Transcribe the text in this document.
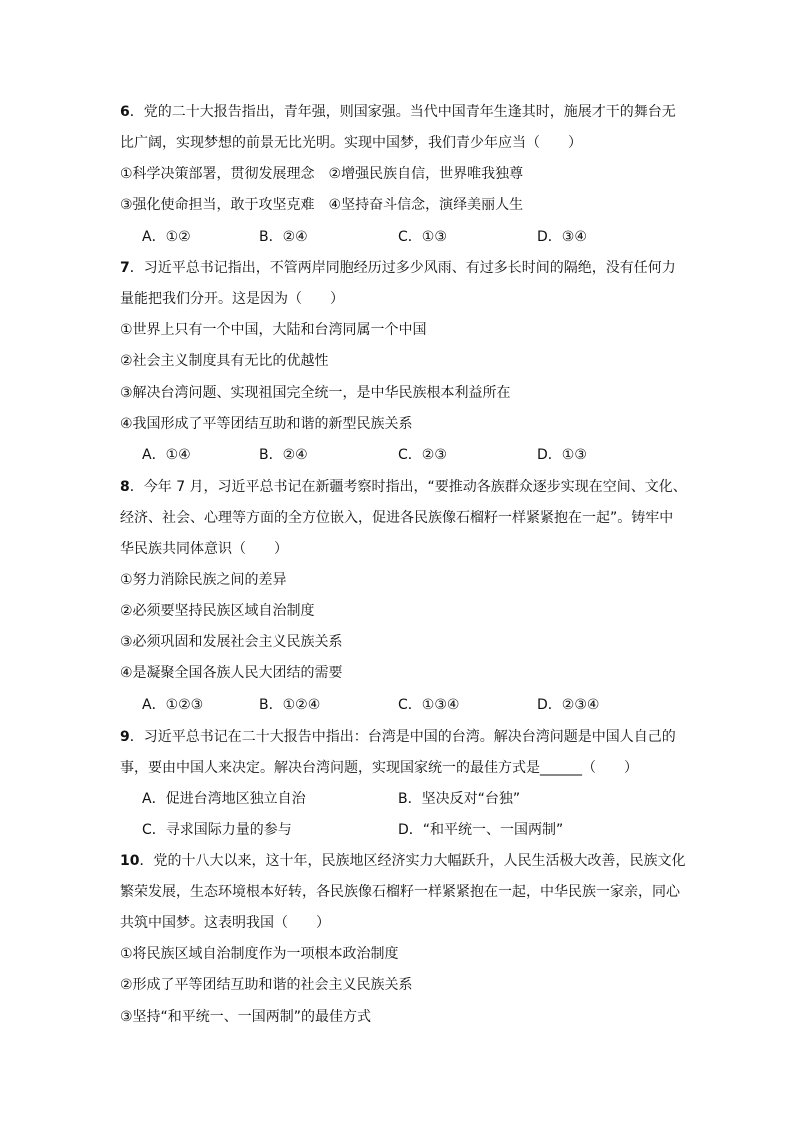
6．党的二十大报告指出，青年强，则国家强。当代中国青年生逢其时，施展才干的舞台无
比广阔，实现梦想的前景无比光明。实现中国梦，我们青少年应当（　　）
①科学决策部署，贯彻发展理念　②增强民族自信，世界唯我独尊
③强化使命担当，敢于攻坚克难　④坚持奋斗信念，演绎美丽人生
A．①②	B．②④	C．①③	D．③④
7．习近平总书记指出，不管两岸同胞经历过多少风雨、有过多长时间的隔绝，没有任何力
量能把我们分开。这是因为（　　）
①世界上只有一个中国，大陆和台湾同属一个中国
②社会主义制度具有无比的优越性
③解决台湾问题、实现祖国完全统一，是中华民族根本利益所在
④我国形成了平等团结互助和谐的新型民族关系
A．①④	B．②④	C．②③	D．①③
8．今年 7 月，习近平总书记在新疆考察时指出，“要推动各族群众逐步实现在空间、文化、
经济、社会、心理等方面的全方位嵌入，促进各民族像石榴籽一样紧紧抱在一起”。铸牢中
华民族共同体意识（　　）
①努力消除民族之间的差异
②必须要坚持民族区域自治制度
③必须巩固和发展社会主义民族关系
④是凝聚全国各族人民大团结的需要
A．①②③	B．①②④	C．①③④	D．②③④
9．习近平总书记在二十大报告中指出：台湾是中国的台湾。解决台湾问题是中国人自己的
事，要由中国人来决定。解决台湾问题，实现国家统一的最佳方式是______（　　）
A．促进台湾地区独立自治	B．坚决反对“台独”
C．寻求国际力量的参与	D．“和平统一、一国两制”
10．党的十八大以来，这十年，民族地区经济实力大幅跃升，人民生活极大改善，民族文化
繁荣发展，生态环境根本好转，各民族像石榴籽一样紧紧抱在一起，中华民族一家亲，同心
共筑中国梦。这表明我国（　　）
①将民族区域自治制度作为一项根本政治制度
②形成了平等团结互助和谐的社会主义民族关系
③坚持“和平统一、一国两制”的最佳方式
